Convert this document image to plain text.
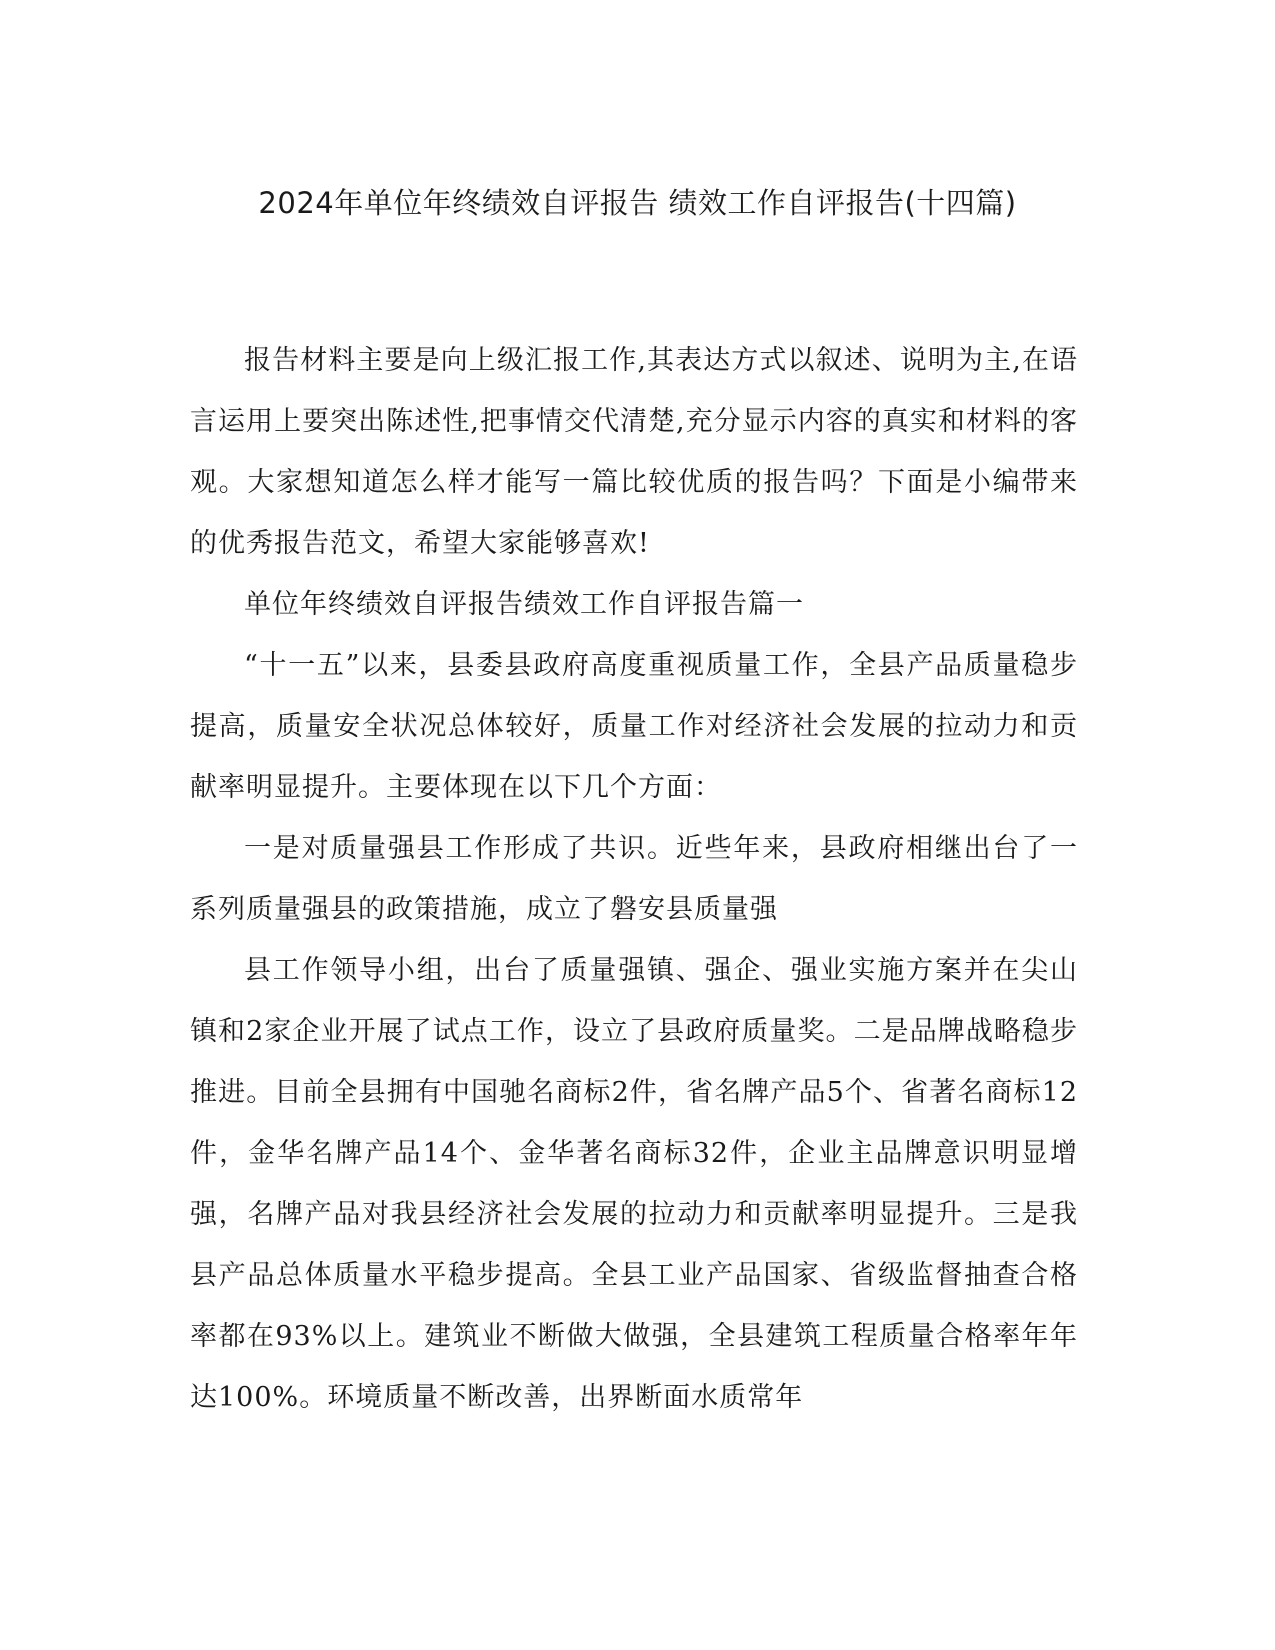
2024年单位年终绩效自评报告 绩效工作自评报告(十四篇)

报告材料主要是向上级汇报工作,其表达方式以叙述、说明为主,在语言运用上要突出陈述性,把事情交代清楚,充分显示内容的真实和材料的客观。大家想知道怎么样才能写一篇比较优质的报告吗？下面是小编带来的优秀报告范文，希望大家能够喜欢!

单位年终绩效自评报告绩效工作自评报告篇一

“十一五”以来，县委县政府高度重视质量工作，全县产品质量稳步提高，质量安全状况总体较好，质量工作对经济社会发展的拉动力和贡献率明显提升。主要体现在以下几个方面：

一是对质量强县工作形成了共识。近些年来，县政府相继出台了一系列质量强县的政策措施，成立了磐安县质量强

县工作领导小组，出台了质量强镇、强企、强业实施方案并在尖山镇和2家企业开展了试点工作，设立了县政府质量奖。二是品牌战略稳步推进。目前全县拥有中国驰名商标2件，省名牌产品5个、省著名商标12件，金华名牌产品14个、金华著名商标32件，企业主品牌意识明显增强，名牌产品对我县经济社会发展的拉动力和贡献率明显提升。三是我县产品总体质量水平稳步提高。全县工业产品国家、省级监督抽查合格率都在93%以上。建筑业不断做大做强，全县建筑工程质量合格率年年达100%。环境质量不断改善，出界断面水质常年
